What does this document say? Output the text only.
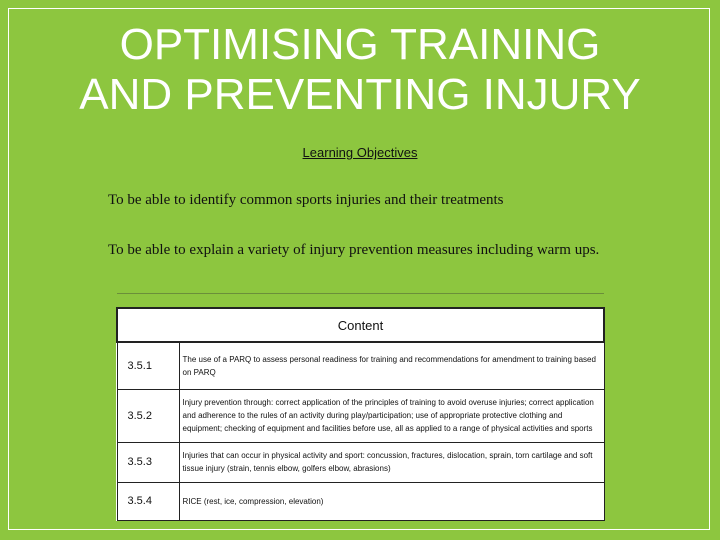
OPTIMISING TRAINING
AND PREVENTING INJURY
Learning Objectives
To be able to identify common sports injuries and their treatments
To be able to explain a variety of injury prevention measures including warm ups.
Content	
3.5.1	The use of a PARQ to assess personal readiness for training and recommendations for amendment to training based on PARQ
3.5.2	Injury prevention through: correct application of the principles of training to avoid overuse injuries; correct application and adherence to the rules of an activity during play/participation; use of appropriate protective clothing and equipment; checking of equipment and facilities before use, all as applied to a range of physical activities and sports
3.5.3	Injuries that can occur in physical activity and sport: concussion, fractures, dislocation, sprain, torn cartilage and soft tissue injury (strain, tennis elbow, golfers elbow, abrasions)
3.5.4	RICE (rest, ice, compression, elevation)
